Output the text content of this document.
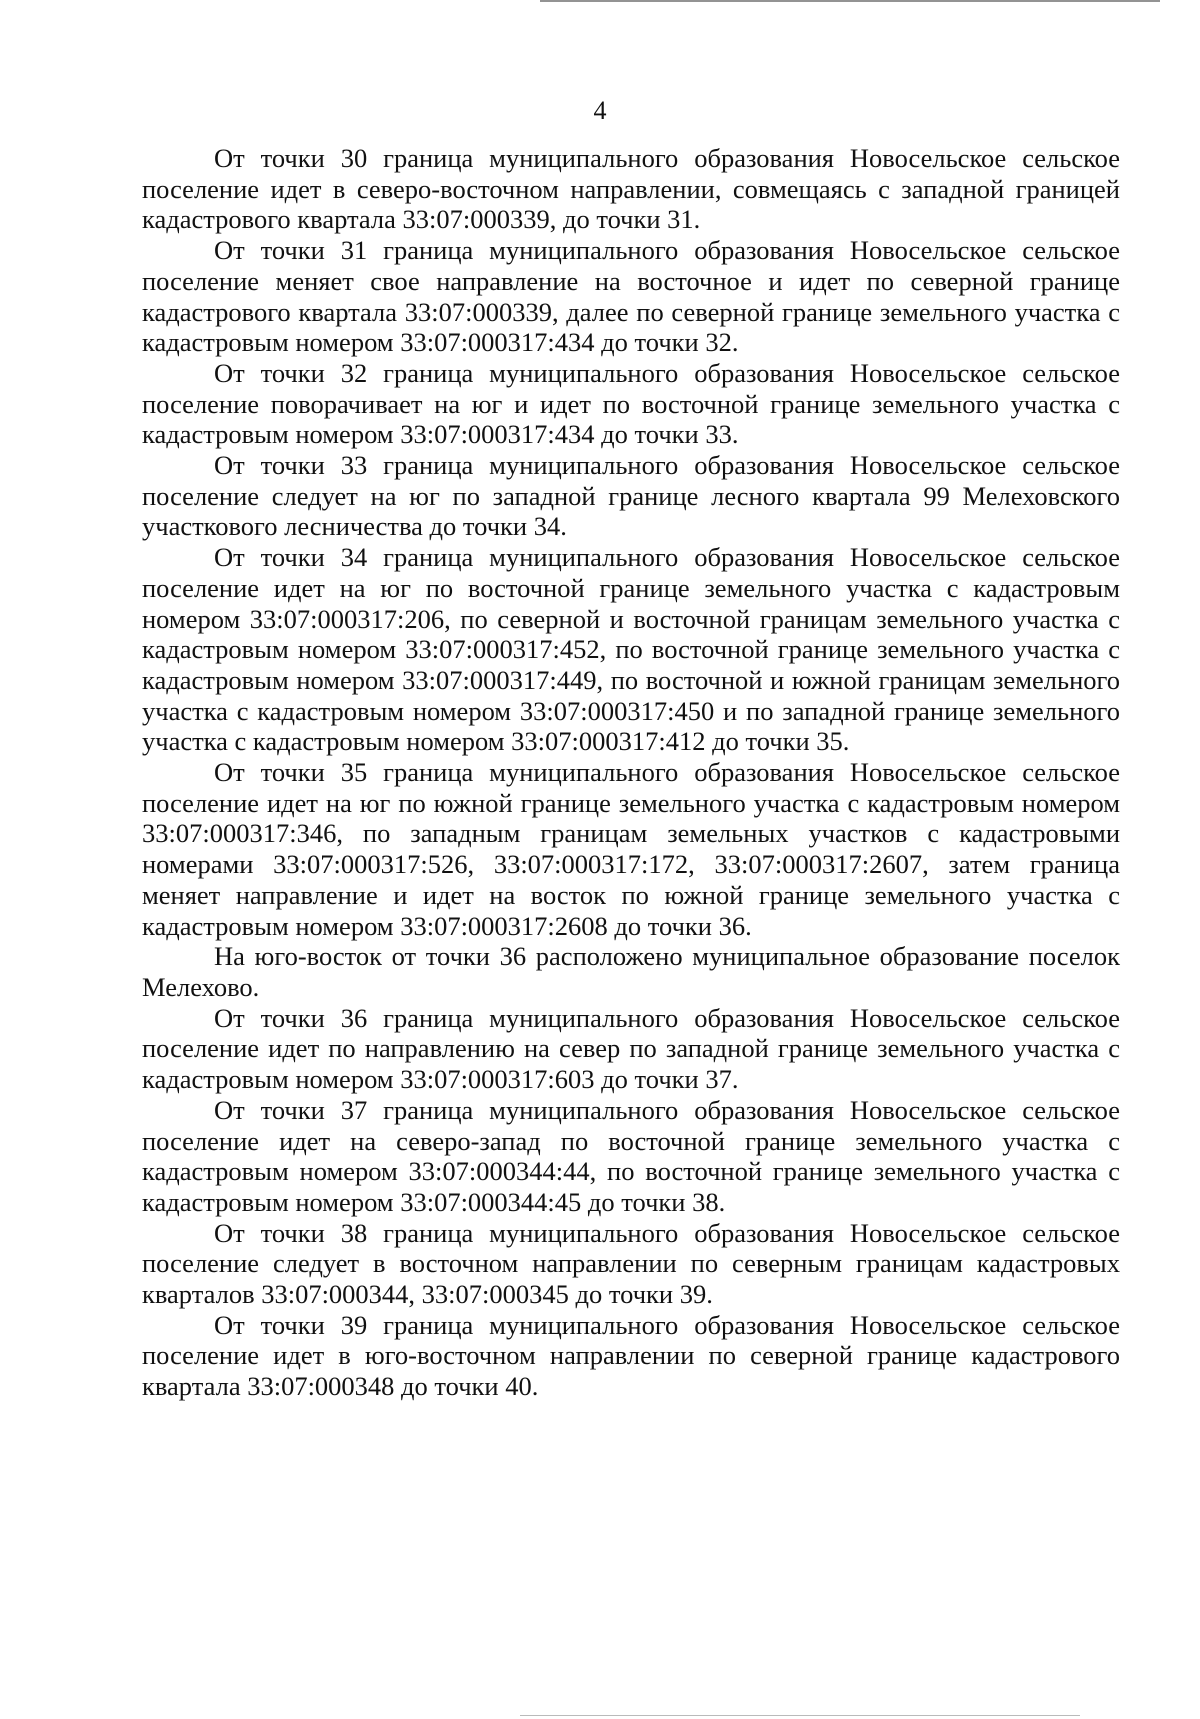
4

От точки 30 граница муниципального образования Новосельское сельское поселение идет в северо-восточном направлении, совмещаясь с западной границей кадастрового квартала 33:07:000339, до точки 31.

От точки 31 граница муниципального образования Новосельское сельское поселение меняет свое направление на восточное и идет по северной границе кадастрового квартала 33:07:000339, далее по северной границе земельного участка с кадастровым номером 33:07:000317:434 до точки 32.

От точки 32 граница муниципального образования Новосельское сельское поселение поворачивает на юг и идет по восточной границе земельного участка с кадастровым номером 33:07:000317:434 до точки 33.

От точки 33 граница муниципального образования Новосельское сельское поселение следует на юг по западной границе лесного квартала 99 Мелеховского участкового лесничества до точки 34.

От точки 34 граница муниципального образования Новосельское сельское поселение идет на юг по восточной границе земельного участка с кадастровым номером 33:07:000317:206, по северной и восточной границам земельного участка с кадастровым номером 33:07:000317:452, по восточной границе земельного участка с кадастровым номером 33:07:000317:449, по восточной и южной границам земельного участка с кадастровым номером 33:07:000317:450 и по западной границе земельного участка с кадастровым номером 33:07:000317:412 до точки 35.

От точки 35 граница муниципального образования Новосельское сельское поселение идет на юг по южной границе земельного участка с кадастровым номером 33:07:000317:346, по западным границам земельных участков с кадастровыми номерами 33:07:000317:526, 33:07:000317:172, 33:07:000317:2607, затем граница меняет направление и идет на восток по южной границе земельного участка с кадастровым номером 33:07:000317:2608 до точки 36.

На юго-восток от точки 36 расположено муниципальное образование поселок Мелехово.

От точки 36 граница муниципального образования Новосельское сельское поселение идет по направлению на север по западной границе земельного участка с кадастровым номером 33:07:000317:603 до точки 37.

От точки 37 граница муниципального образования Новосельское сельское поселение идет на северо-запад по восточной границе земельного участка с кадастровым номером 33:07:000344:44, по восточной границе земельного участка с кадастровым номером 33:07:000344:45 до точки 38.

От точки 38 граница муниципального образования Новосельское сельское поселение следует в восточном направлении по северным границам кадастровых кварталов 33:07:000344, 33:07:000345 до точки 39.

От точки 39 граница муниципального образования Новосельское сельское поселение идет в юго-восточном направлении по северной границе кадастрового квартала 33:07:000348 до точки 40.
